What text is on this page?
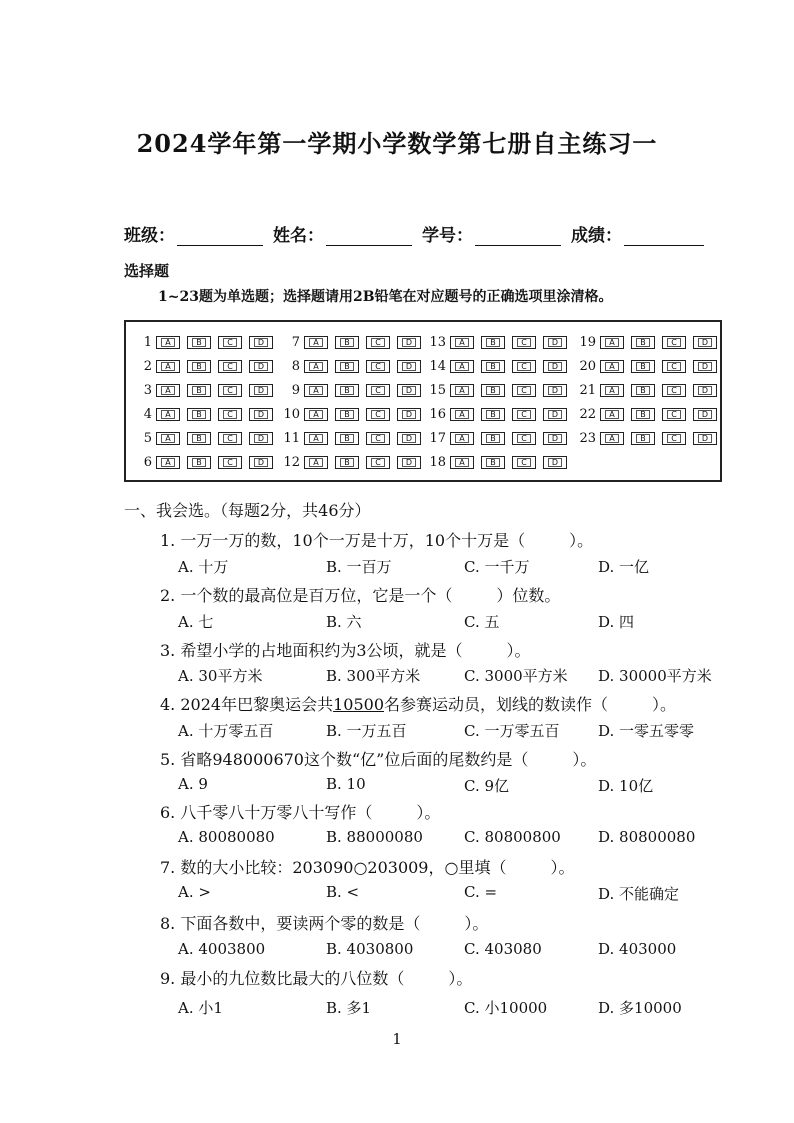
2024学年第一学期小学数学第七册自主练习一
班级：	姓名：	学号：	成绩：
选择题
1~23题为单选题；选择题请用2B铅笔在对应题号的正确选项里涂清格。
1	A	B	C	D
2	A	B	C	D
3	A	B	C	D
4	A	B	C	D
5	A	B	C	D
6	A	B	C	D
7	A	B	C	D
8	A	B	C	D
9	A	B	C	D
10	A	B	C	D
11	A	B	C	D
12	A	B	C	D
13	A	B	C	D
14	A	B	C	D
15	A	B	C	D
16	A	B	C	D
17	A	B	C	D
18	A	B	C	D
19	A	B	C	D
20	A	B	C	D
21	A	B	C	D
22	A	B	C	D
23	A	B	C	D
一、我会选。（每题2分，共46分）
1. 一万一万的数，10个一万是十万，10个十万是（	）。
A. 十万	B. 一百万	C. 一千万	D. 一亿
2. 一个数的最高位是百万位，它是一个（	）位数。
A. 七	B. 六	C. 五	D. 四
3. 希望小学的占地面积约为3公顷，就是（	）。
A. 30平方米	B. 300平方米	C. 3000平方米 D. 30000平方米
4. 2024年巴黎奥运会共10500名参赛运动员，划线的数读作（	）。
A. 十万零五百	B. 一万五百	C. 一万零五百	D. 一零五零零
5. 省略948000670这个数“亿”位后面的尾数约是（	）。
A. 9	B. 10	C. 9亿	D. 10亿
6. 八千零八十万零八十写作（	）。
A. 80080080	B. 88000080	C. 80800800 D. 80800080
7. 数的大小比较：203090○203009，○里填（	）。
A. >	B. <	C. =	D. 不能确定
8. 下面各数中，要读两个零的数是（	）。
A. 4003800	B. 4030800	C. 403080	D. 403000
9. 最小的九位数比最大的八位数（	）。
A. 小1	B. 多1	C. 小10000	D. 多10000
1
